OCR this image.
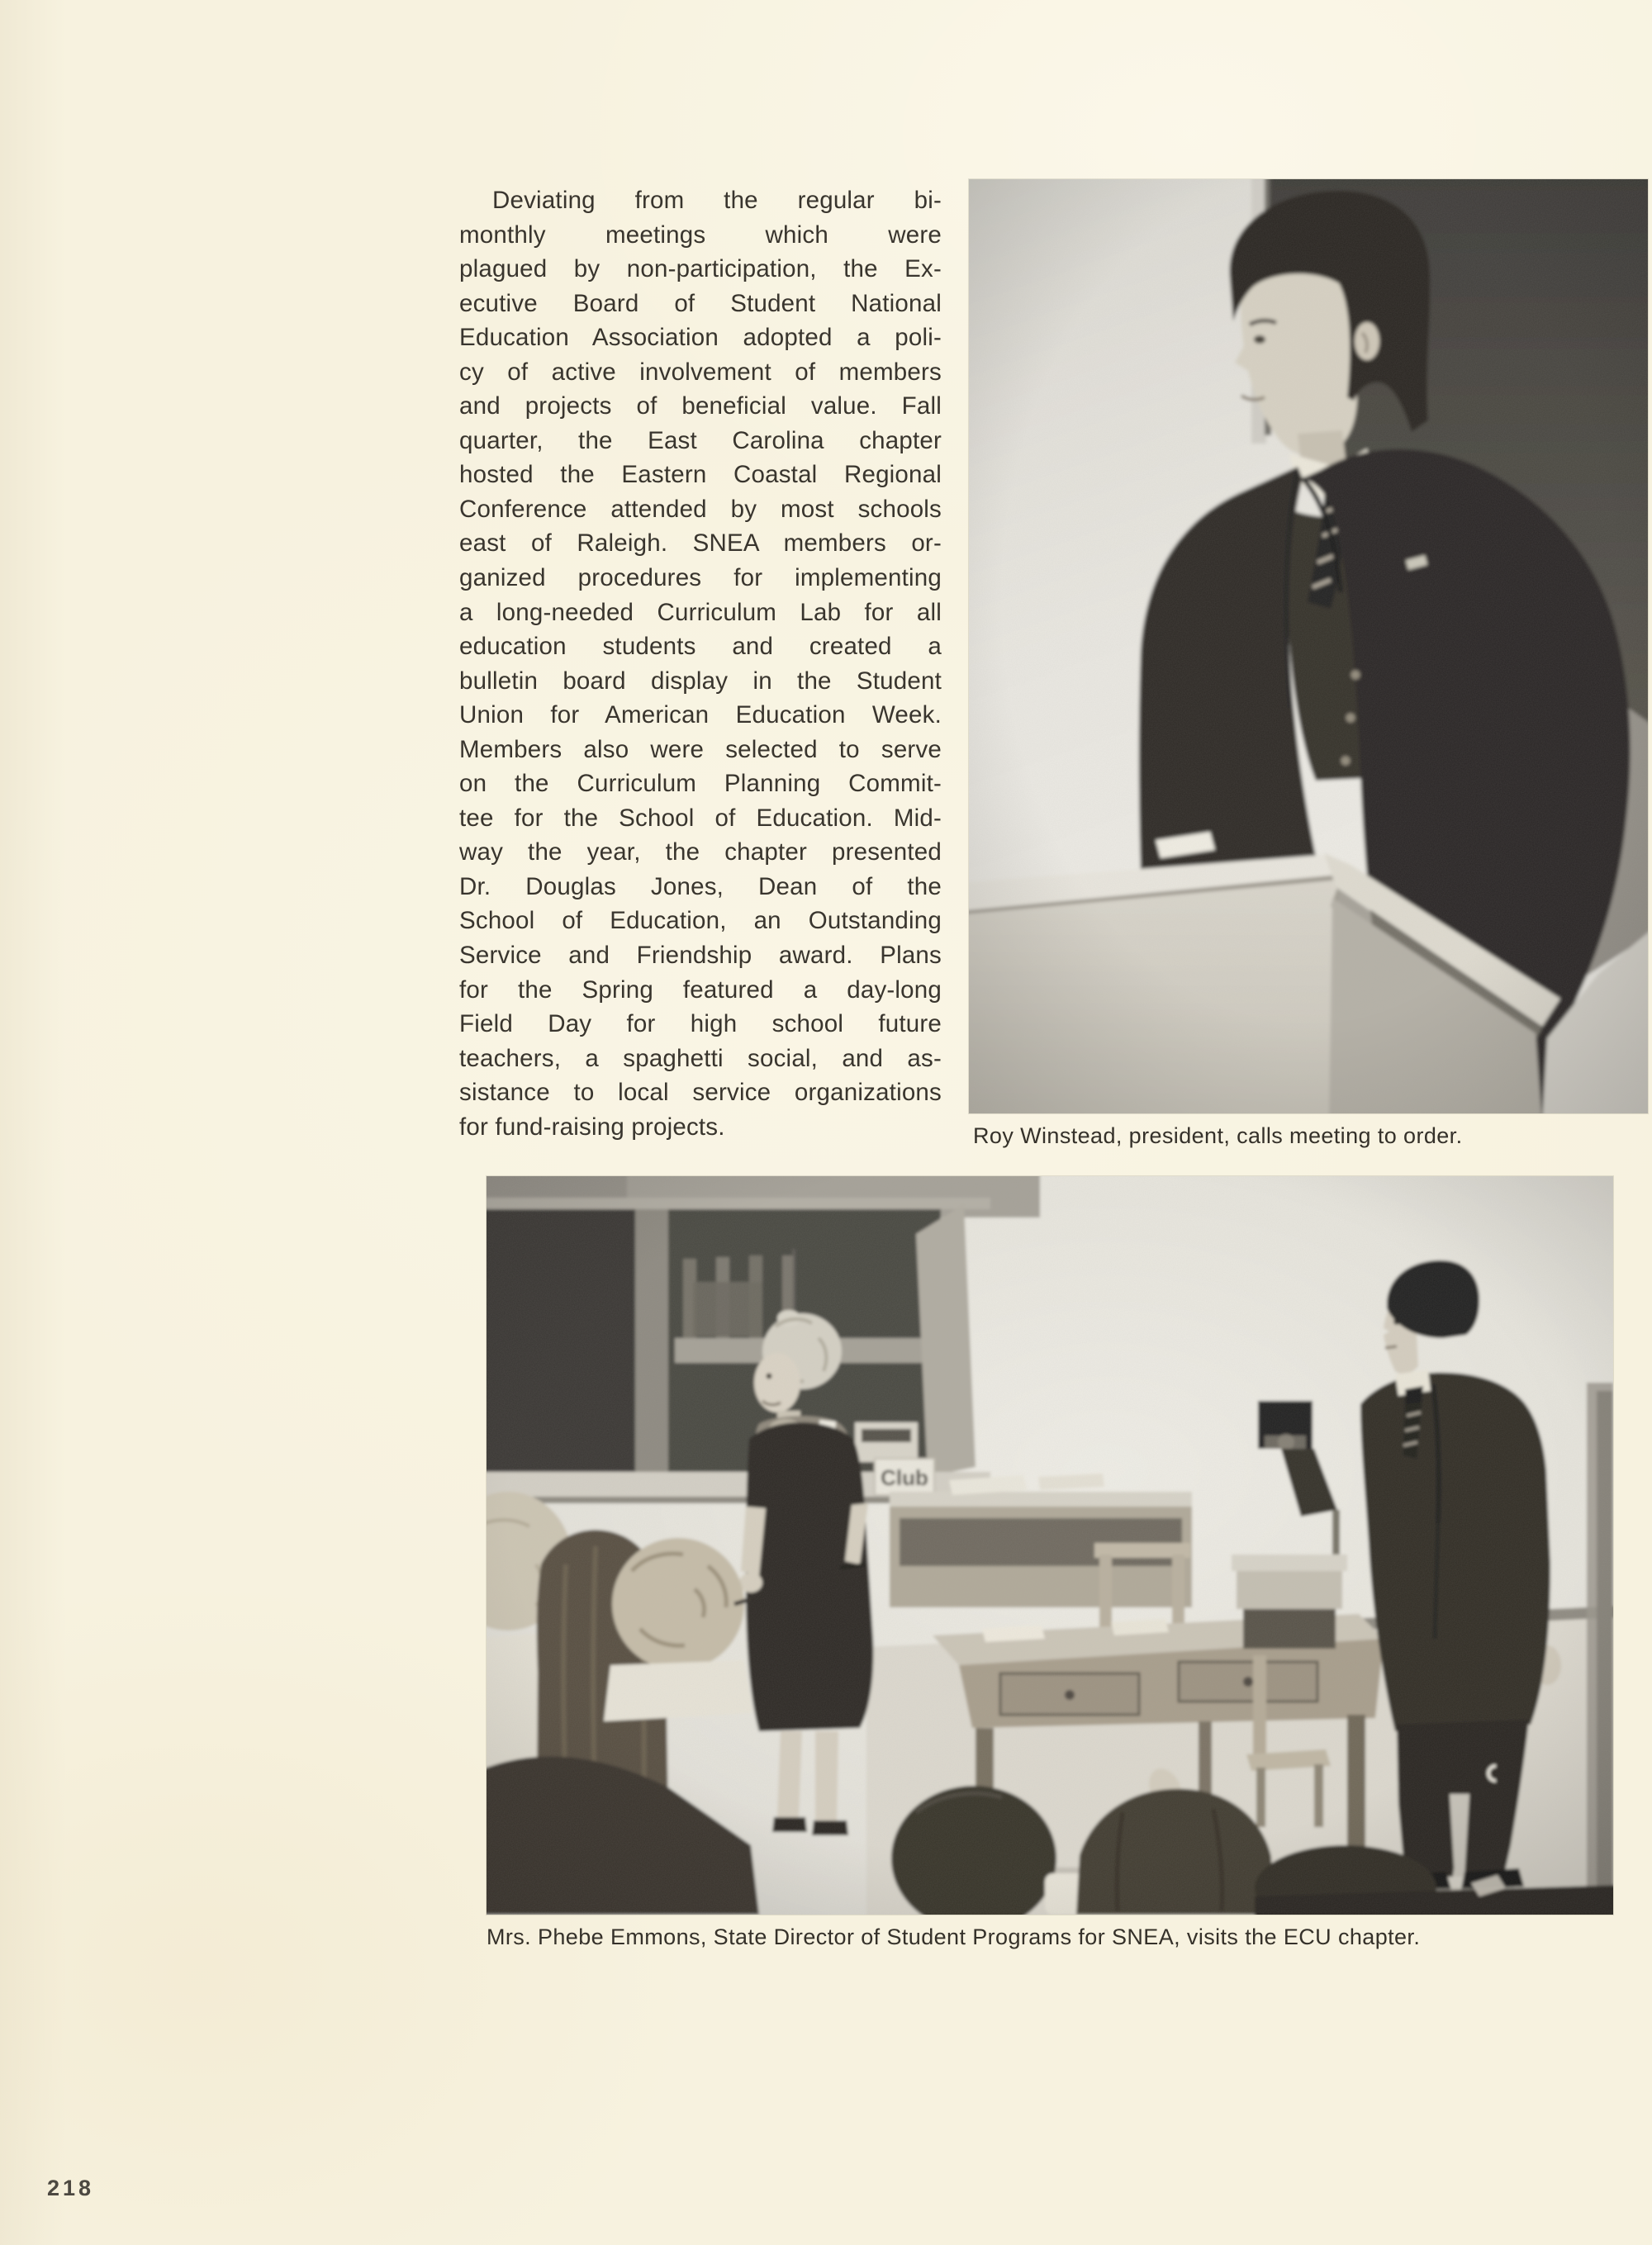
Deviating from the regular bi-
monthly meetings which were
plagued by non-participation, the Ex-
ecutive Board of Student National
Education Association adopted a poli-
cy of active involvement of members
and projects of beneficial value. Fall
quarter, the East Carolina chapter
hosted the Eastern Coastal Regional
Conference attended by most schools
east of Raleigh. SNEA members or-
ganized procedures for implementing
a long-needed Curriculum Lab for all
education students and created a
bulletin board display in the Student
Union for American Education Week.
Members also were selected to serve
on the Curriculum Planning Commit-
tee for the School of Education. Mid-
way the year, the chapter presented
Dr. Douglas Jones, Dean of the
School of Education, an Outstanding
Service and Friendship award. Plans
for the Spring featured a day-long
Field Day for high school future
teachers, a spaghetti social, and as-
sistance to local service organizations
for fund-raising projects.	Roy Winstead, president, calls meeting to order.
Mrs. Phebe Emmons, State Director of Student Programs for SNEA, visits the ECU chapter.
218
